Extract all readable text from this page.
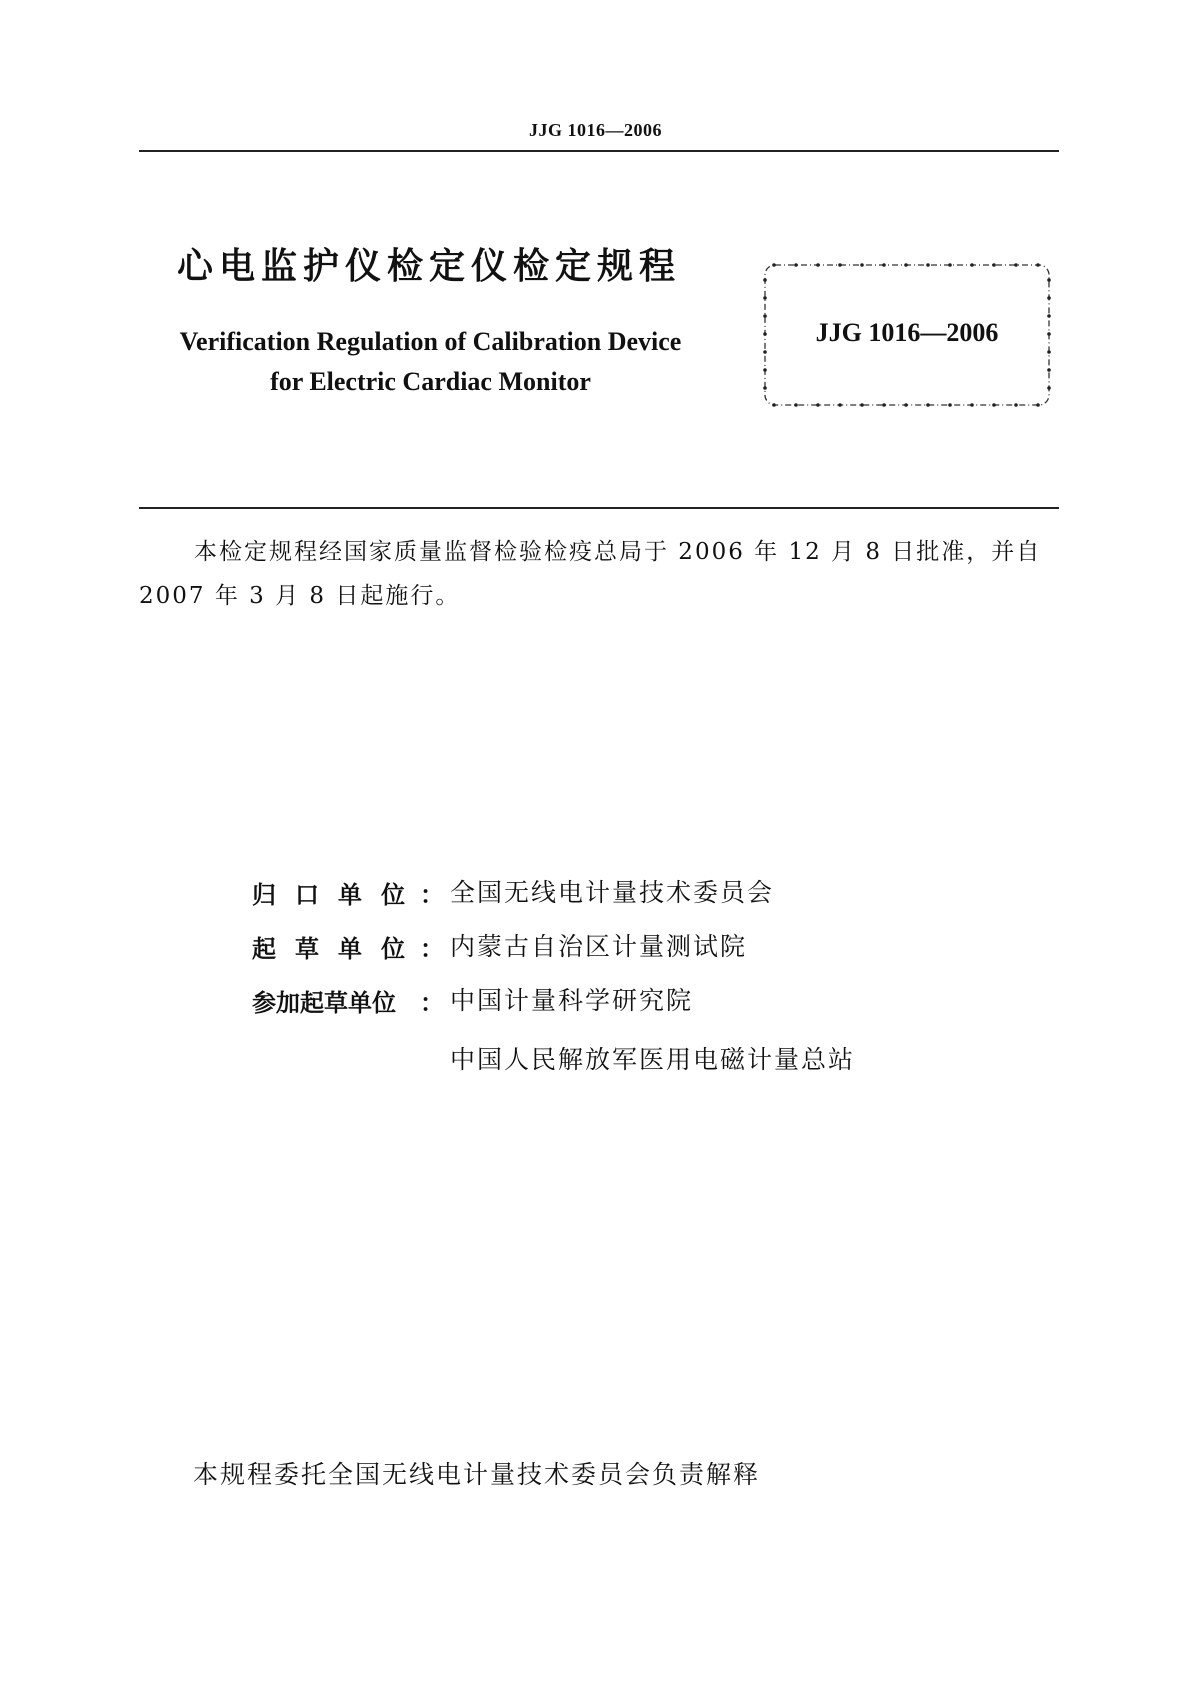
JJG 1016—2006
心电监护仪检定仪检定规程
Verification Regulation of Calibration Device
for Electric Cardiac Monitor
JJG 1016—2006
本检定规程经国家质量监督检验检疫总局于 2006 年 12 月 8 日批准，并自 2007 年 3 月 8 日起施行。
归口单位
： 全国无线电计量技术委员会
起草单位
： 内蒙古自治区计量测试院
参加起草单位 ： 中国计量科学研究院
中国人民解放军医用电磁计量总站
本规程委托全国无线电计量技术委员会负责解释
